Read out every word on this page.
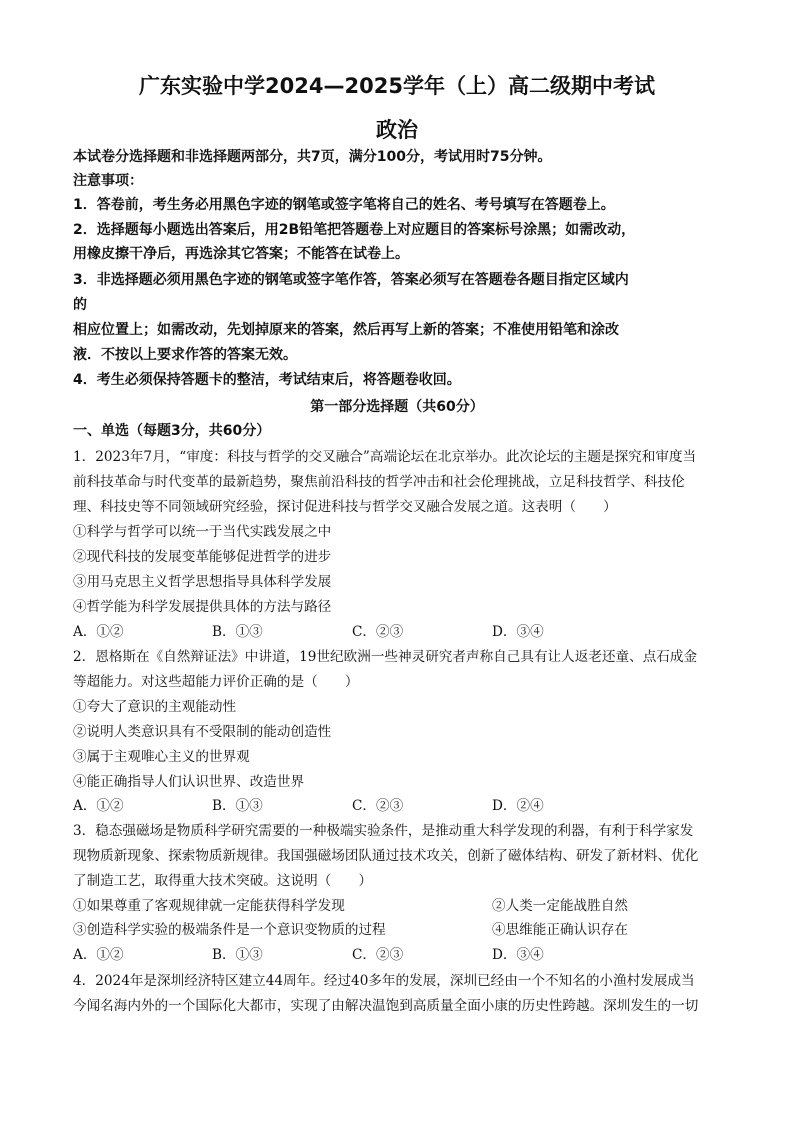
广东实验中学2024—2025学年（上）高二级期中考试
政治
本试卷分选择题和非选择题两部分，共7页，满分100分，考试用时75分钟。
注意事项：
1．答卷前，考生务必用黑色字迹的钢笔或签字笔将自己的姓名、考号填写在答题卷上。
2．选择题每小题选出答案后，用2B铅笔把答题卷上对应题目的答案标号涂黑；如需改动，
用橡皮擦干净后，再选涂其它答案；不能答在试卷上。
3．非选择题必须用黑色字迹的钢笔或签字笔作答，答案必须写在答题卷各题目指定区域内
的
相应位置上；如需改动，先划掉原来的答案，然后再写上新的答案；不准使用铅笔和涂改
液．不按以上要求作答的答案无效。
4．考生必须保持答题卡的整洁，考试结束后，将答题卷收回。
第一部分选择题（共60分）
一、单选（每题3分，共60分）
1．2023年7月，“审度：科技与哲学的交叉融合”高端论坛在北京举办。此次论坛的主题是探究和审度当
前科技革命与时代变革的最新趋势，聚焦前沿科技的哲学冲击和社会伦理挑战，立足科技哲学、科技伦
理、科技史等不同领域研究经验，探讨促进科技与哲学交叉融合发展之道。这表明（　　）
①科学与哲学可以统一于当代实践发展之中
②现代科技的发展变革能够促进哲学的进步
③用马克思主义哲学思想指导具体科学发展
④哲学能为科学发展提供具体的方法与路径
A．①②	B．①③	C．②③	D．③④
2．恩格斯在《自然辩证法》中讲道，19世纪欧洲一些神灵研究者声称自己具有让人返老还童、点石成金
等超能力。对这些超能力评价正确的是（　　）
①夸大了意识的主观能动性
②说明人类意识具有不受限制的能动创造性
③属于主观唯心主义的世界观
④能正确指导人们认识世界、改造世界
A．①②	B．①③	C．②③	D．②④
3．稳态强磁场是物质科学研究需要的一种极端实验条件，是推动重大科学发现的利器，有利于科学家发
现物质新现象、探索物质新规律。我国强磁场团队通过技术攻关，创新了磁体结构、研发了新材料、优化
了制造工艺，取得重大技术突破。这说明（　　）
①如果尊重了客观规律就一定能获得科学发现	②人类一定能战胜自然
③创造科学实验的极端条件是一个意识变物质的过程	④思维能正确认识存在
A．①②	B．①③	C．②③	D．③④
4．2024年是深圳经济特区建立44周年。经过40多年的发展，深圳已经由一个不知名的小渔村发展成当
今闻名海内外的一个国际化大都市，实现了由解决温饱到高质量全面小康的历史性跨越。深圳发生的一切
